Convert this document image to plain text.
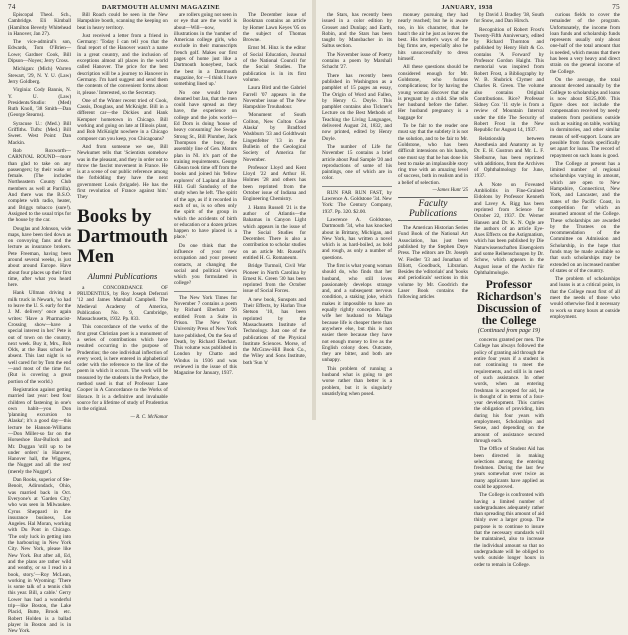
74	DARTMOUTH ALUMNI MAGAZINE

Episcopal Theol. Sch., Cambridge. Eli Kimball (Hamilton Beverly Whitehead in Hanover, Jan 27).

The vice-admiral's son, Edwards, Tom O'Brien—Lowe; Gardner Cook, Bill Dipson—Noyes; Jerry Cross.

Michigan: (Mich) Warren Stewart, '29, N. Y. U. (Law) Jerry Goldberg.

Virginia: Cody Bannis, N. Y. U. (Law) Presidents/Studio: (Med) Ruth Knoll, '38 Smith—Dan (George Stearns).

Syracuse U.: (Med.) Bill Griffiths. Tufts: (Med.) Bill Sweet. West Point: Dan Mackin.

Rob Roxworth—CARNIVAL ROUND—more than glad to take on any passengers; by their wake or female. (The includes Northeastern County Club members as well at Parrilla). And there was the B.S.O. complete with radio, heater, and Briggs tobacco (sure!). Assigned to the usual trips for the house by the car.

Douglas and Johnson, wide maps, have been tied down as on convoying fans and the lecture as insurance brokers. Pete Freeman, having been around several weeks, is just about around Europe. Have about four places up their first time, after what you heard here.

Hank Ullman driving a milk truck in Newark, 'so had to leave the U. S. early for the J. M. delivery' once again writes: 'Have a Pharmacist-Crossing show—have a special interest in her.' Pete is out of town on the country, next week. Buy it, Mrs., Boh Olds, at the Bass school he absent. This last night is so well cared for by Tom the end—and most of the time for. (Rut is covering a great portion of the world.)

Registration against getting married last year: best four children of fastening in one's own habit—you Don 'planning excursion to Alaska'; it's a good day—this lecture be Hanson-Williams—Don Miller-so far on the Horseshoe Bar-Bullock and Mr. Duggan 'still up to be under orders' in Hanover, Hanover hall, the Wiggens, the Nugget and all the rest' (merely the Nugget').

Dan Rooks, superior of Ste-Benoit, Adirondack, Ohio, was married back in Oct. Everyone's at 'Garden City,' who was seen in Milwaukee. Cyrus Sheppard in the insurance business, Los Angeles. Hal Moran, working with Du Pont in Chicago. 'The only luck in getting into the harbouring in New York City. New York, please like New York. But after all, Ed, and the plans are rather wild and weathy, or so I read in a book, story.'—Roy McLean, working in Wyoming: 'There is some talk of a tennis club this year. Bill, a cable.' Gerry Lower has had a wonderful trip—like Boston, the Lake Placid, Butte, Brook etc. Robert Holden is a ballad player in Boston and is in New York.

Bill Roach could be seen in the New Hampshire booth, scanning the keeping on beat in heavy territory.

Just received a letter from a friend in Germany: 'Today I can tell you that the final report of the Hanover wasn't a name in a great country, and the inclusion of exceptions almost all places in the world called Hanover. The price for the best description will be a journey to Hanover in Germany. I'm hard suggest and send them the contents of the convenient forms about it, please.' Interested, so the Secretary.

One of the Winter recent tried of Cook, Cassis, Douglass, and McKnight. Bill in a different car—the Dickies and Hank Kempner hometown in Chicago. Bill working and going on late at Illinois plant, and Bob McKnight nowhere in a Chicago composer can you keep, you Chicagoans?

And from someone we see, Bill Newkumet tells that 'Scientists somehow was in the pleasant, and they in order not to throw the fascist movement in France. He is at a scene of our public reference among the forbidding they have the next government Louis (brigade). He has the first revolution of France against him.' They

Books by Dartmouth Men
Alumni Publications

a CONCORDANCE OF PRUDENTIUS, by Roy Joseph Deferrari '12 and James Marshall Campbell. The Medieval Academy of America, Publication No. 9, Cambridge, Massachusetts, 1932. Pp. 833.

This concordance of the works of the first great Christian poet is a monument of a series of contributions which have resulted occurring in the purpose of Prudentius; the one individual inflection of every word, is here entered in alphabetical order with the reference to the line of the poem in which it occurs. The work will be treasured by the students in the Preface, the method used is that of Professor Lane Cooper in A Concordance to the Works of Horace. It is a definitive and invaluable source for a lifetime of study of Prudentius in the original.

— R. C. McNamar

are rollers going not seen in or eye that are the world is about—Will—now, illustrations in the 'number of American college girls, who exclude in their manuscripts french golf. Makes our first pages of home just like a Dartmouth honeybest, back the best in a Dartmouth magazine, for —I think I have something lined up.'

No one would have dreamed but Jan, that the men could have spread as they have, the experience on college and the jobs world—Ed Dorn is doing 'house of heavy consuming' Joe Swope Strong St., Bill Plumber, Jack Thompson the busy, the assembly line of Gen. Motors plan in Nl. it's part of the training requirements. George Gibson took time off from the books and joined his 'fellow explorers' of Lapland at Blue Hill. Gull Sandusky of the study when he left. 'The spirit of the age, as if it recorded in each of us, is so often only the spirit of the group in which the accidents of birth or education or a dozen prizes happen to have placed is a place.'

Do one think that the influence of your new occupation and your present contacts, at changing the social and political views which you formulated in college?

The New York Times for November 7 contains a poem by Richard Eberhart '26 entitled From a Suite in Prison. The New York University Press of New York have published, On the Sea of Death, by Richard Eberhart. This volume was published in London by Chatto and Windus in 1936 and was reviewed in the issue of this Magazine for January, 1937.

The December issue of Bookman contains an article by Homer Lawn Keyes '05 on the subject of Thomas Browne.

Ernst M. Hinz is the editor of Social Education, Journal of the National Council for the Social Studies. The publication is in its first volume.

Laura Bird and the Gabriel Farrell '07 appears in the November issue of The New Hampshire Troubadour.

'Monument of South Coliton, New Colton Coke Alaska' by Bradford Washburn '33 and Goldthwait Lingenfelter '13 in the Bulletin of the Geological Society of America for November.

Professor Lloyd and Kent Lloyd '22 and Arthur H. Holmes '28 and others has been reprinted from the October issue of Indiana and Engineering Chemistry.

J. Hamn Russell '21 is the author of Atlantis—the Bahamas in Canyon Light which appears in the issue of The Social Studies for December. There is also a contribution to scholar studies on an article Mr. Russell's entitled H. G. Romaneum.

Bridge Turmoil, Civil War Pioneer in North Carolina by Ernest K. Green '30 has been reprinted from the October issue of Social Forces.

A new book, Sunspots and Their Effects, by Harlan True Stetson '10, has been reprinted by the Massachusetts Institute of Technology. Just one of the publications of the Physical Institute Sciences. Morse, of the McGraw-Hill Book Co., the Wiley and Sons Institute, both 'Sun 'n'

JANUARY, 1938	75

the Stars, has recently been issued in a color edition by Grosset and Dunlap; and Earth, Robin, and the Stars has been taught by Mansbacher in its Saltus section.

The November issue of Poetry contains a poem by Marshall Schacht '27.

There has recently been published in Washington as a pamphlet of 15 pages an essay, The Origin of Word and Fallen, by Henry G. Doyle. This pamphlet contains also Tickner's Lecture on the Best Methods of Teaching the Living Languages, delivered August 24, 1832, and now printed, edited by Henry Doyle.

The number of Life for November 15 contains a brief article about Paul Sample '20 and reproductions of some of his paintings, one of which are in color.

RUN FAR RUN FAST, by Lawrence A. Goldstone '34. New York: The Century Company, 1937. Pp. 320. $2.00.

Lawrence A. Goldstone, Dartmouth '34, who has knocked about in Brittany, Michigan, and New York, has written a novel which is as hard-boiled, as bold and rough, as only a number of questions.

The first is what young woman should do, who finds that her husband, who still loves passionately develops strange and, and a subsequent nervous condition, a staking joke, which makes it impossible to have an equally rightly conception. The wife her husband to Malaga because life is cheaper there than anywhere else, but this is not easier there because they have not enough money to live as the English colony does. Outcaste, they are bitter, and both are unhappy.

This problem of running a husband what is going to get worse rather than better is a problem, but it is singularly unsatisfying when posed.

monuey pursuing they had nearly reached; but he is aware too, in his character, that he hasn't the air he just as leaves the best. His brother's ways of the big firms are, especially also he hits unsuccessfully to dress himself.

All these questions should be considered enough for Mr. Goldstone, who furious complications; for by having the young woman discover that she is pregnant by a child. She tells her husband before the father. Her husband pregnancy is a baggage for

To be fair to the reader one must say that the subtlety it is not the solution, and to be fair to Mr. Goldstone, who has been difficult intensions on his hands, one must say that he has done his best to make an implausible story ring true with an amazing level of success, both in realism and in a belief of selection.

—James Hunt '25
Faculty Publications

The American Historian Series Fund Book of the National Art Association, has just been published by the Stephen Daye Press. The editors are Dr. Joseph W. Fiedler '33 and Jonathan of Elliott, Goodbuck, Librarian. Besides the 'editorials' and 'books and periodicals' sections in this volume by Mr. Goodrich the Laser Book contains the following articles

by David J. Bradley '38, South for Snow, and Dan Hirsch.

Recognition of Robert Frost's Twenty-Fifth Anniversary, edited by Richard Thornton and published by Henry Holt & Co. contains 'A Forward' by Professor Gordon Haight. This memorial was inspired from Robert Frost, a Bibliography by W. B. Shubrick Clymer and Charles R. Green. The volume also contains Original Contributions. Rice? Professor Sidney Cox '11 style is from a review of Mountain Interval under the title The Security of Robert Frost in the New Republic for August 14, 1937.

Relationship between Anesthesia and Anatomy as by Dr. E. H. Gustron and Mr. L. F. Shelburne, has been reprinted with additions, from the Archives of Ophthalmology for June, 1937.

A Note on Foveated Ambliolitis in Fine-Grained Eidolons by Professor Kenneth and Lavey A. Rigg has been reprinted from Science for October 22, 1937. Dr. Werner Hansen and Dr. K. N. Ogle are the authors of an article Eye-Axes Effects on the Astigmatism, which has been published by Die Naturwissenschaften Eisengoiern and some Reihenschungen by Dr. Schow, which appears in the August issue of the Archiv für Ophthalmologie.

Professor Richardson's Discussion of the College
(Continued from page 19)

concerns granted per men. The College has always followed the policy of granting aid through the entire four years if a student is not continuing to meet the requirements, and still is in need of such assistance. In other words, when an entering freshman is accepted for aid, he is thought of in terms of a four-year development. This carries the obligation of providing, him during his four years with employment, Scholarships and Sense, and depending on the amount of assistance secured through each.

The Office of Student Aid has been directed in making selections among the entering freshmen. During the last few years somewhat over twice as many applicants have applied as could be approved.

The College is confronted with having a limited number of undergraduates adequately rather than spreading this amount of aid thinly over a larger group. The purpose is to continue to insure that the necessary standards will be maintained, also to increase the individual amount so that no undergraduate will be obliged to work outside longer hours in order to remain in College.

curious fields to cover the remainder of the program. Unfortunately, the income from loan funds and scholarship funds represents usually only about one-half of the total amount that is needed, which means that there has been a very heavy and direct strain on the general income of the College.

On the average, the total amount devoted annually by the College to scholarships and loans is now about $125,000. This figure does not include the compensation received by needy students from positions outside such as waiting on table, working in dormitories, and other similar means of self-support. Loans are possible from funds specifically set apart for loans. The record of repayment on such loans is good.

The College at present has a limited number of regional scholarships varying in amount, which are open to New Hampshire, Connecticut, New York, and Lancaster, and the states of the Pacific Coast, in competition for which an assumed amount of the College. These scholarships are awarded by the Trustees on the recommendation of the Committee on Admission and Scholarship, in the hope that funds may be made available so that such scholarships may be extended on an increased number of states or of the country.

The problem of scholarships and loans is at a critical point, in that the College must first of all meet the needs of those who would otherwise find it necessary to work so many hours at outside employment.
